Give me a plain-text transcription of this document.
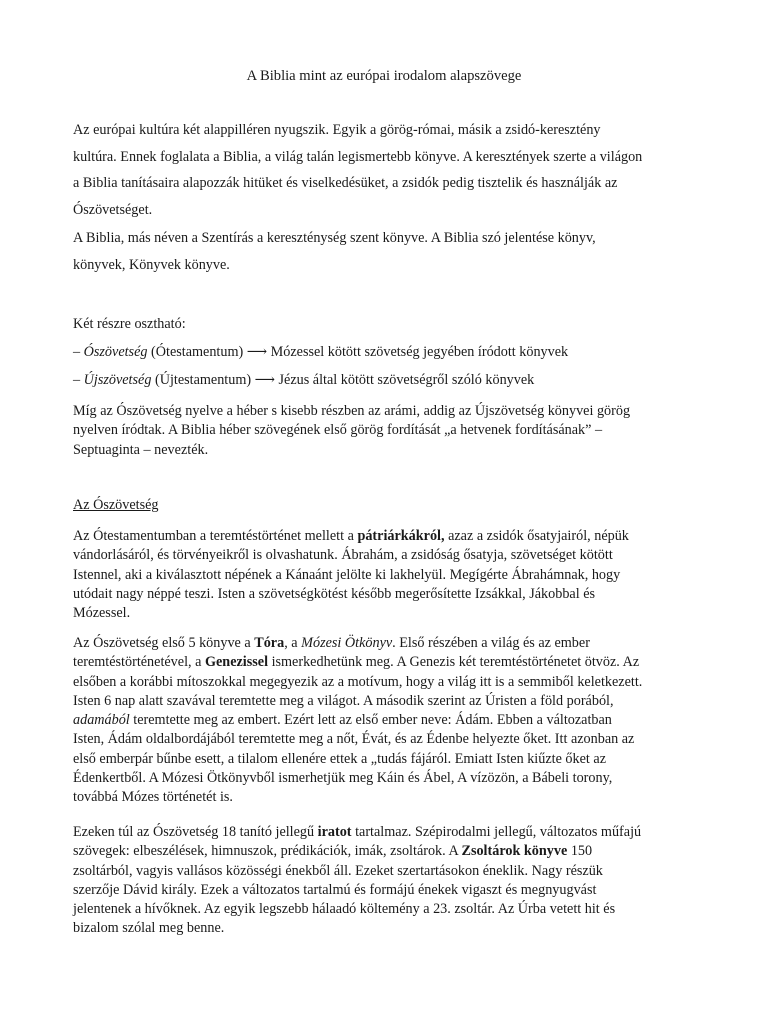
A Biblia mint az európai irodalom alapszövege

Az európai kultúra két alappilléren nyugszik. Egyik a görög-római, másik a zsidó-keresztény
kultúra. Ennek foglalata a Biblia, a világ talán legismertebb könyve. A keresztények szerte a világon
a Biblia tanításaira alapozzák hitüket és viselkedésüket, a zsidók pedig tisztelik és használják az
Ószövetséget.

A Biblia, más néven a Szentírás a kereszténység szent könyve. A Biblia szó jelentése könyv,
könyvek, Könyvek könyve.

Két részre osztható:
– Ószövetség (Ótestamentum) ⟶ Mózessel kötött szövetség jegyében íródott könyvek
– Újszövetség (Újtestamentum) ⟶ Jézus által kötött szövetségről szóló könyvek

Míg az Ószövetség nyelve a héber s kisebb részben az arámi, addig az Újszövetség könyvei görög
nyelven íródtak. A Biblia héber szövegének első görög fordítását „a hetvenek fordításának” –
Septuaginta – nevezték.

Az Ószövetség

Az Ótestamentumban a teremtéstörténet mellett a pátriárkákról, azaz a zsidók ősatyjairól, népük
vándorlásáról, és törvényeikről is olvashatunk. Ábrahám, a zsidóság ősatyja, szövetséget kötött
Istennel, aki a kiválasztott népének a Kánaánt jelölte ki lakhelyül. Megígérte Ábrahámnak, hogy
utódait nagy néppé teszi. Isten a szövetségkötést később megerősítette Izsákkal, Jákobbal és
Mózessel.

Az Ószövetség első 5 könyve a Tóra, a Mózesi Ötkönyv. Első részében a világ és az ember
teremtéstörténetével, a Genezissel ismerkedhetünk meg. A Genezis két teremtéstörténetet ötvöz. Az
elsőben a korábbi mítoszokkal megegyezik az a motívum, hogy a világ itt is a semmiből keletkezett.
Isten 6 nap alatt szavával teremtette meg a világot. A második szerint az Úristen a föld porából,
adamából teremtette meg az embert. Ezért lett az első ember neve: Ádám. Ebben a változatban
Isten, Ádám oldalbordájából teremtette meg a nőt, Évát, és az Édenbe helyezte őket. Itt azonban az
első emberpár bűnbe esett, a tilalom ellenére ettek a „tudás fájáról. Emiatt Isten kiűzte őket az
Édenkertből. A Mózesi Ötkönyvből ismerhetjük meg Káin és Ábel, A vízözön, a Bábeli torony,
továbbá Mózes történetét is.

Ezeken túl az Ószövetség 18 tanító jellegű iratot tartalmaz. Szépirodalmi jellegű, változatos műfajú
szövegek: elbeszélések, himnuszok, prédikációk, imák, zsoltárok. A Zsoltárok könyve 150
zsoltárból, vagyis vallásos közösségi énekből áll. Ezeket szertartásokon éneklik. Nagy részük
szerzője Dávid király. Ezek a változatos tartalmú és formájú énekek vigaszt és megnyugvást
jelentenek a hívőknek. Az egyik legszebb hálaadó költemény a 23. zsoltár. Az Úrba vetett hit és
bizalom szólal meg benne.
